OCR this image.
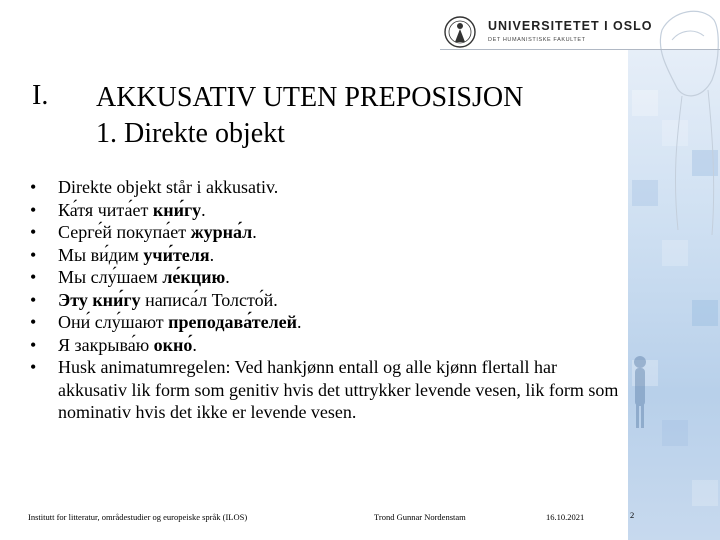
UNIVERSITETET I OSLO
DET HUMANISTISKE FAKULTET
I. AKKUSATIV UTEN PREPOSISJON
1. Direkte objekt
• Direkte objekt står i akkusativ.
• Ка́тя чита́ет кни́гу.
• Серге́й покупа́ет журна́л.
• Мы ви́дим учи́теля.
• Мы слу́шаем ле́кцию.
• Эту кни́гу написа́л Толсто́й.
• Они́ слу́шают преподава́телей.
• Я закрыва́ю окно́.
• Husk animatumregelen: Ved hankjønn entall og alle kjønn flertall har akkusativ lik form som genitiv hvis det uttrykker levende vesen, lik form som nominativ hvis det ikke er levende vesen.
Institutt for litteratur, områdestudier og europeiske språk (ILOS)	Trond Gunnar Nordenstam	16.10.2021	2
